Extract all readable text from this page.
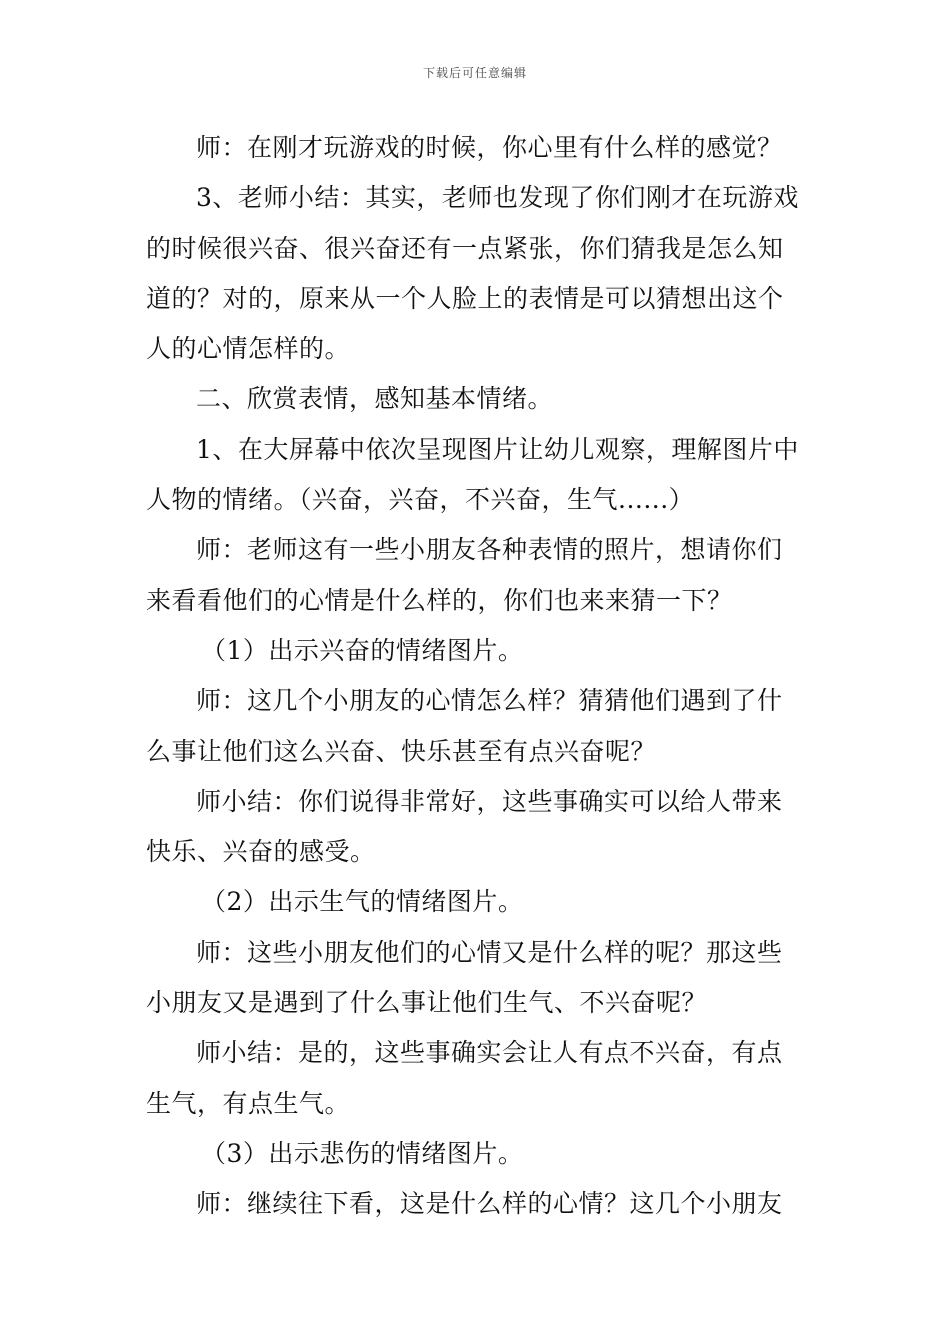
下载后可任意编辑
师：在刚才玩游戏的时候，你心里有什么样的感觉？
3、老师小结：其实，老师也发现了你们刚才在玩游戏
的时候很兴奋、很兴奋还有一点紧张，你们猜我是怎么知
道的？对的，原来从一个人脸上的表情是可以猜想出这个
人的心情怎样的。
二、欣赏表情，感知基本情绪。
1、在大屏幕中依次呈现图片让幼儿观察，理解图片中
人物的情绪。（兴奋，兴奋，不兴奋，生气......）
师：老师这有一些小朋友各种表情的照片，想请你们
来看看他们的心情是什么样的，你们也来来猜一下？
（1）出示兴奋的情绪图片。
师：这几个小朋友的心情怎么样？猜猜他们遇到了什
么事让他们这么兴奋、快乐甚至有点兴奋呢？
师小结：你们说得非常好，这些事确实可以给人带来
快乐、兴奋的感受。
（2）出示生气的情绪图片。
师：这些小朋友他们的心情又是什么样的呢？那这些
小朋友又是遇到了什么事让他们生气、不兴奋呢？
师小结：是的，这些事确实会让人有点不兴奋，有点
生气，有点生气。
（3）出示悲伤的情绪图片。
师：继续往下看，这是什么样的心情？这几个小朋友
